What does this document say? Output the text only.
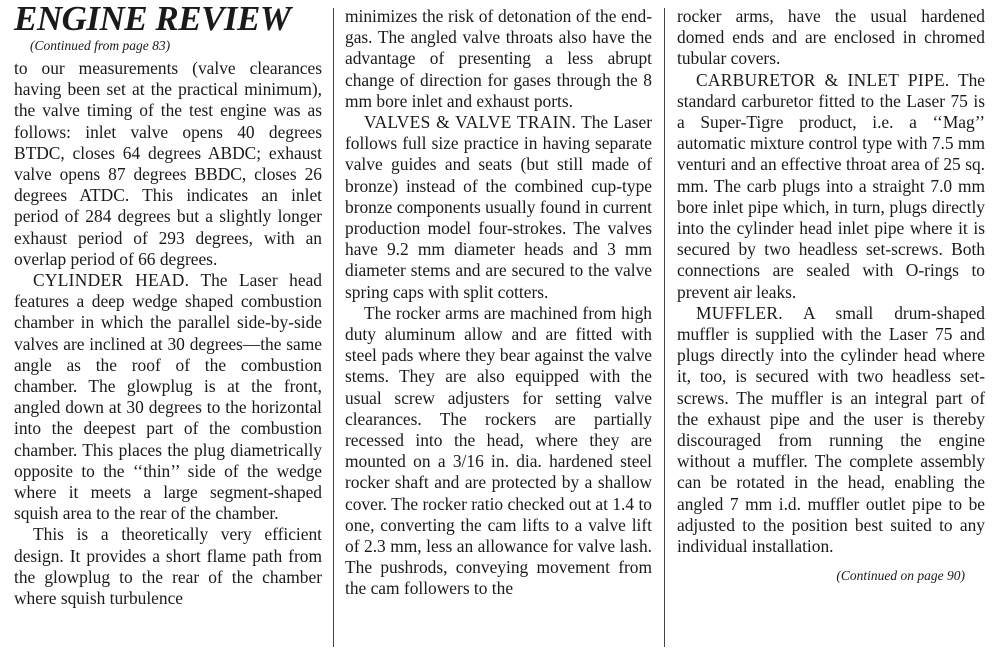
ENGINE REVIEW

(Continued from page 83)

to our measurements (valve clearances having been set at the practical minimum), the valve timing of the test engine was as follows: inlet valve opens 40 degrees BTDC, closes 64 degrees ABDC; exhaust valve opens 87 degrees BBDC, closes 26 degrees ATDC. This indicates an inlet period of 284 degrees but a slightly longer exhaust period of 293 degrees, with an overlap period of 66 degrees.

CYLINDER HEAD. The Laser head features a deep wedge shaped combustion chamber in which the parallel side-by-side valves are inclined at 30 degrees—the same angle as the roof of the combustion chamber. The glowplug is at the front, angled down at 30 degrees to the horizontal into the deepest part of the combustion chamber. This places the plug diametrically opposite to the ‘‘thin’’ side of the wedge where it meets a large segment-shaped squish area to the rear of the chamber.

This is a theoretically very efficient design. It provides a short flame path from the glowplug to the rear of the chamber where squish turbulence

minimizes the risk of detonation of the end-gas. The angled valve throats also have the advantage of presenting a less abrupt change of direction for gases through the 8 mm bore inlet and exhaust ports.

VALVES & VALVE TRAIN. The Laser follows full size practice in having separate valve guides and seats (but still made of bronze) instead of the combined cup-type bronze components usually found in current production model four-strokes. The valves have 9.2 mm diameter heads and 3 mm diameter stems and are secured to the valve spring caps with split cotters.

The rocker arms are machined from high duty aluminum allow and are fitted with steel pads where they bear against the valve stems. They are also equipped with the usual screw adjusters for setting valve clearances. The rockers are partially recessed into the head, where they are mounted on a 3/16 in. dia. hardened steel rocker shaft and are protected by a shallow cover. The rocker ratio checked out at 1.4 to one, converting the cam lifts to a valve lift of 2.3 mm, less an allowance for valve lash. The pushrods, conveying movement from the cam followers to the

rocker arms, have the usual hardened domed ends and are enclosed in chromed tubular covers.

CARBURETOR & INLET PIPE. The standard carburetor fitted to the Laser 75 is a Super-Tigre product, i.e. a ‘‘Mag’’ automatic mixture control type with 7.5 mm venturi and an effective throat area of 25 sq. mm. The carb plugs into a straight 7.0 mm bore inlet pipe which, in turn, plugs directly into the cylinder head inlet pipe where it is secured by two headless set-screws. Both connections are sealed with O-rings to prevent air leaks.

MUFFLER. A small drum-shaped muffler is supplied with the Laser 75 and plugs directly into the cylinder head where it, too, is secured with two headless set-screws. The muffler is an integral part of the exhaust pipe and the user is thereby discouraged from running the engine without a muffler. The complete assembly can be rotated in the head, enabling the angled 7 mm i.d. muffler outlet pipe to be adjusted to the position best suited to any individual installation.

(Continued on page 90)
